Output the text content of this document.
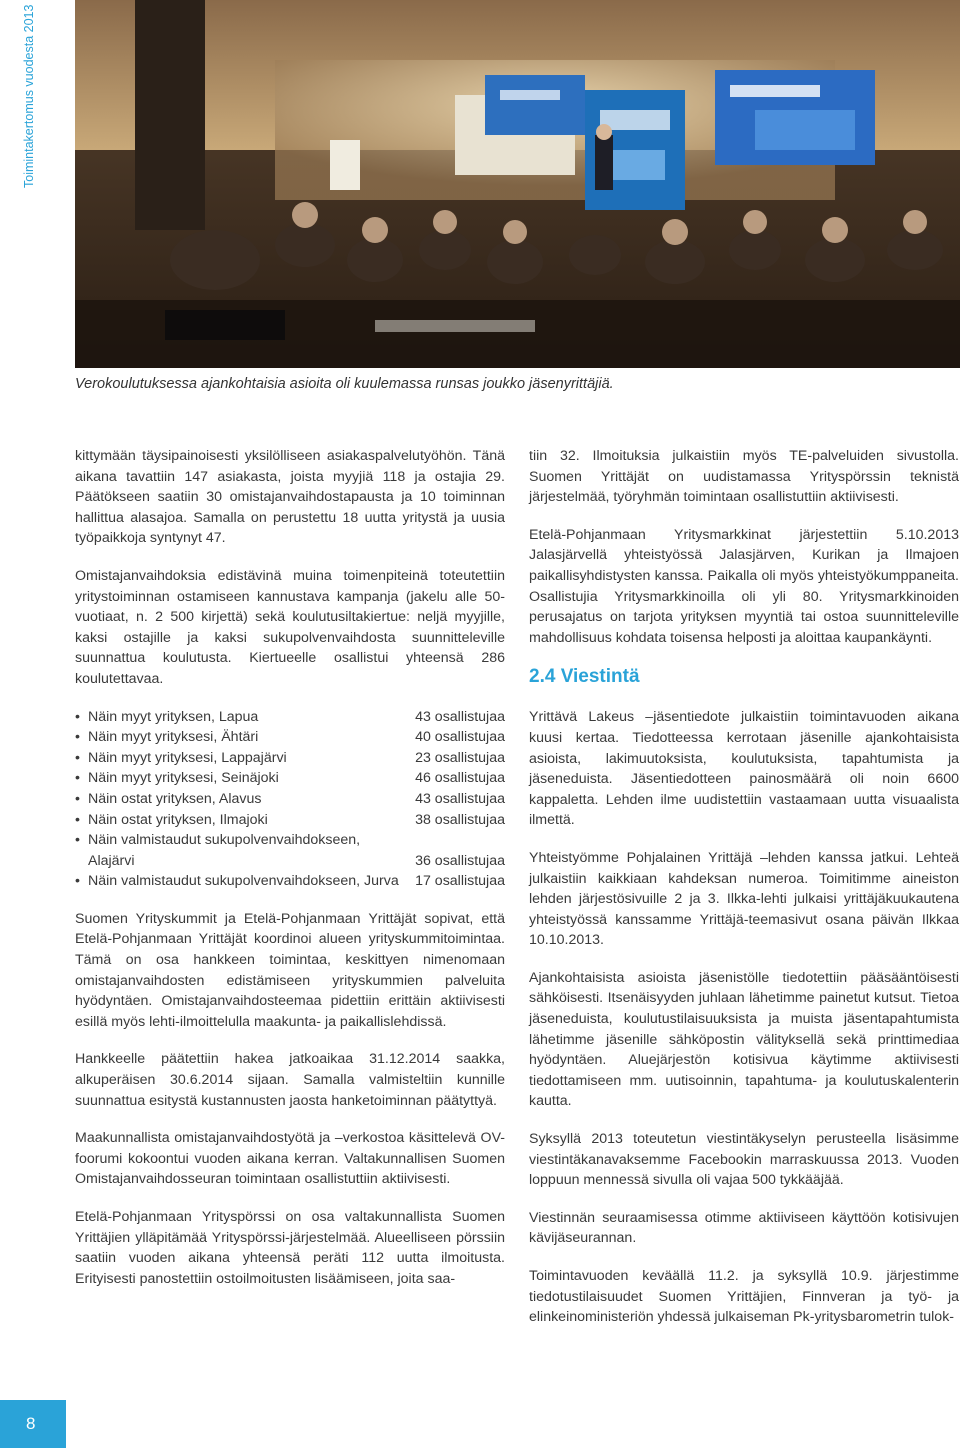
Toimintakertomus vuodesta 2013
Verokoulutuksessa ajankohtaisia asioita oli kuulemassa runsas joukko jäsenyrittäjiä.

kittymään täysipainoisesti yksilölliseen asiakaspalvelutyöhön. Tänä aikana tavattiin 147 asiakasta, joista myyjiä 118 ja ostajia 29. Päätökseen saatiin 30 omistajanvaihdostapausta ja 10 toiminnan hallittua alasajoa. Samalla on perustettu 18 uutta yritystä ja uusia työpaikkoja syntynyt 47.

Omistajanvaihdoksia edistävinä muina toimenpiteinä toteutettiin yritystoiminnan ostamiseen kannustava kampanja (jakelu alle 50-vuotiaat, n. 2 500 kirjettä) sekä koulutusiltakiertue: neljä myyjille, kaksi ostajille ja kaksi sukupolvenvaihdosta suunnitteleville suunnattua koulutusta. Kiertueelle osallistui yhteensä 286 koulutettavaa.

• Näin myyt yrityksen, Lapua	43 osallistujaa
• Näin myyt yrityksesi, Ähtäri	40 osallistujaa
• Näin myyt yrityksesi, Lappajärvi	23 osallistujaa
• Näin myyt yrityksesi, Seinäjoki	46 osallistujaa
• Näin ostat yrityksen, Alavus	43 osallistujaa
• Näin ostat yrityksen, Ilmajoki	38 osallistujaa
• Näin valmistaudut sukupolvenvaihdokseen, Alajärvi	36 osallistujaa
• Näin valmistaudut sukupolvenvaihdokseen, Jurva	17 osallistujaa

Suomen Yrityskummit ja Etelä-Pohjanmaan Yrittäjät sopivat, että Etelä-Pohjanmaan Yrittäjät koordinoi alueen yrityskummitoimintaa. Tämä on osa hankkeen toimintaa, keskittyen nimenomaan omistajanvaihdosten edistämiseen yrityskummien palveluita hyödyntäen. Omistajanvaihdosteemaa pidettiin erittäin aktiivisesti esillä myös lehti-ilmoittelulla maakunta- ja paikallislehdissä.

Hankkeelle päätettiin hakea jatkoaikaa 31.12.2014 saakka, alkuperäisen 30.6.2014 sijaan. Samalla valmisteltiin kunnille suunnattua esitystä kustannusten jaosta hanketoiminnan päätyttyä.

Maakunnallista omistajanvaihdostyötä ja –verkostoa käsittelevä OV-foorumi kokoontui vuoden aikana kerran. Valtakunnallisen Suomen Omistajanvaihdosseuran toimintaan osallistuttiin aktiivisesti.

Etelä-Pohjanmaan Yrityspörssi on osa valtakunnallista Suomen Yrittäjien ylläpitämää Yrityspörssi-järjestelmää. Alueelliseen pörssiin saatiin vuoden aikana yhteensä peräti 112 uutta ilmoitusta. Erityisesti panostettiin ostoilmoitusten lisäämiseen, joita saa-

tiin 32. Ilmoituksia julkaistiin myös TE-palveluiden sivustolla. Suomen Yrittäjät on uudistamassa Yrityspörssin teknistä järjestelmää, työryhmän toimintaan osallistuttiin aktiivisesti.

Etelä-Pohjanmaan Yritysmarkkinat järjestettiin 5.10.2013 Jalasjärvellä yhteistyössä Jalasjärven, Kurikan ja Ilmajoen paikallisyhdistysten kanssa. Paikalla oli myös yhteistyökumppaneita. Osallistujia Yritysmarkkinoilla oli yli 80. Yritysmarkkinoiden perusajatus on tarjota yrityksen myyntiä tai ostoa suunnitteleville mahdollisuus kohdata toisensa helposti ja aloittaa kaupankäynti.

2.4 Viestintä

Yrittävä Lakeus –jäsentiedote julkaistiin toimintavuoden aikana kuusi kertaa. Tiedotteessa kerrotaan jäsenille ajankohtaisista asioista, lakimuutoksista, koulutuksista, tapahtumista ja jäseneduista. Jäsentiedotteen painosmäärä oli noin 6600 kappaletta. Lehden ilme uudistettiin vastaamaan uutta visuaalista ilmettä.

Yhteistyömme Pohjalainen Yrittäjä –lehden kanssa jatkui. Lehteä julkaistiin kaikkiaan kahdeksan numeroa. Toimitimme aineiston lehden järjestösivuille 2 ja 3. Ilkka-lehti julkaisi yrittäjäkuukautena yhteistyössä kanssamme Yrittäjä-teemasivut osana päivän Ilkkaa 10.10.2013.

Ajankohtaisista asioista jäsenistölle tiedotettiin pääsääntöisesti sähköisesti. Itsenäisyyden juhlaan lähetimme painetut kutsut. Tietoa jäseneduista, koulutustilaisuuksista ja muista jäsentapahtumista lähetimme jäsenille sähköpostin välityksellä sekä printtimediaa hyödyntäen. Aluejärjestön kotisivua käytimme aktiivisesti tiedottamiseen mm. uutisoinnin, tapahtuma- ja koulutuskalenterin kautta.

Syksyllä 2013 toteutetun viestintäkyselyn perusteella lisäsimme viestintäkanavaksemme Facebookin marraskuussa 2013. Vuoden loppuun mennessä sivulla oli vajaa 500 tykkääjää.

Viestinnän seuraamisessa otimme aktiiviseen käyttöön kotisivujen kävijäseurannan.

Toimintavuoden keväällä 11.2. ja syksyllä 10.9. järjestimme tiedotustilaisuudet Suomen Yrittäjien, Finnveran ja työ- ja elinkeinoministeriön yhdessä julkaiseman Pk-yritysbarometrin tulok-

8
